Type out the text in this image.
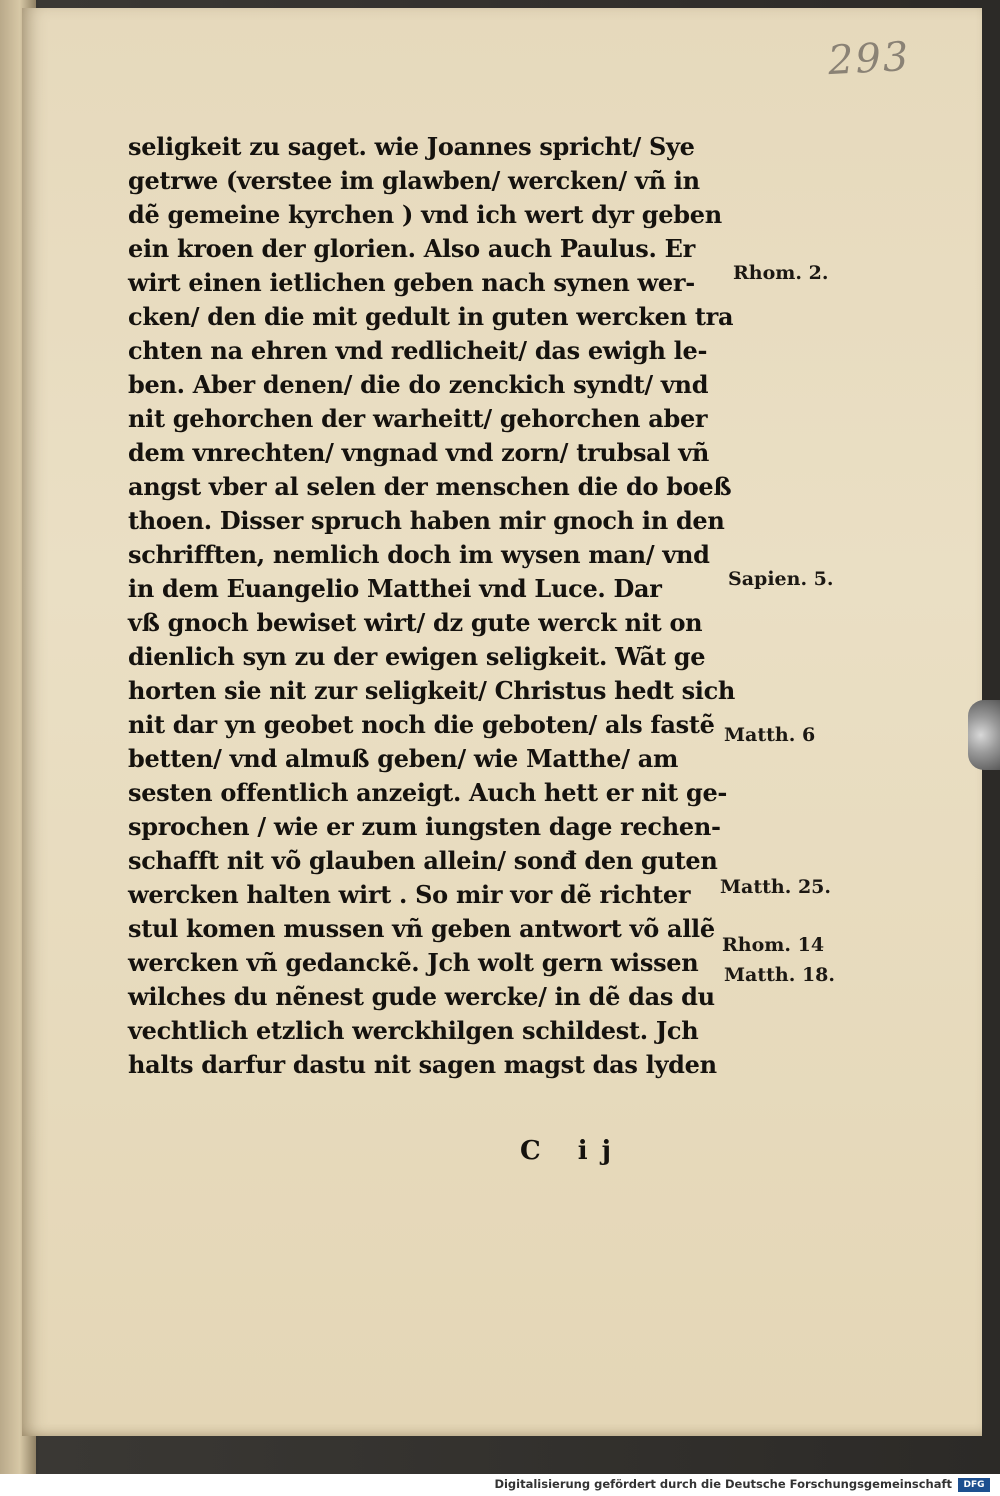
293
seligkeit zu saget. wie Joannes spricht/ Sye
getrwe (verstee im glawben/ wercken/ vñ in
dẽ gemeine kyrchen ) vnd ich wert dyr geben
ein kroen der glorien. Also auch Paulus. Er
wirt einen ietlichen geben nach synen wer-
cken/ den die mit gedult in guten wercken tra
chten na ehren vnd redlicheit/ das ewigh le-
ben. Aber denen/ die do zenckich syndt/ vnd
nit gehorchen der warheitt/ gehorchen aber
dem vnrechten/ vngnad vnd zorn/ trubsal vñ
angst vber al selen der menschen die do boeß
thoen. Disser spruch haben mir gnoch in den
schrifften, nemlich doch im wysen man/ vnd
in dem Euangelio Matthei vnd Luce. Dar
vß gnoch bewiset wirt/ dz gute werck nit on
dienlich syn zu der ewigen seligkeit. Wãt ge
horten sie nit zur seligkeit/ Christus hedt sich
nit dar yn geobet noch die geboten/ als fastẽ
betten/ vnd almuß geben/ wie Matthe/ am
sesten offentlich anzeigt. Auch hett er nit ge-
sprochen / wie er zum iungsten dage rechen-
schafft nit võ glauben allein/ sonđ den guten
wercken halten wirt . So mir vor dẽ richter
stul komen mussen vñ geben antwort võ allẽ
wercken vñ gedanckẽ. Jch wolt gern wissen
wilches du nẽnest gude wercke/ in dẽ das du
vechtlich etzlich werckhilgen schildest. Jch
halts darfur dastu nit sagen magst das lyden
Rhom. 2.
Sapien. 5.
Matth. 6
Matth. 25.
Rhom. 14
Matth. 18.
C ij
Digitalisierung gefördert durch die Deutsche Forschungsgemeinschaft	DFG
